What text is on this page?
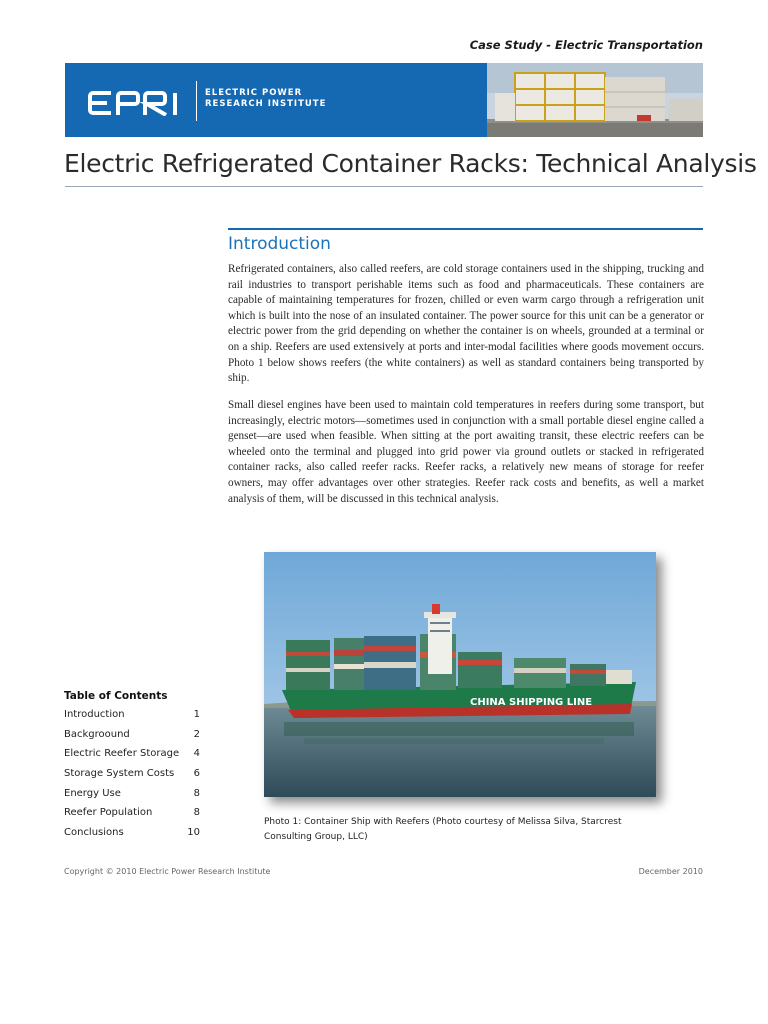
Case Study - Electric Transportation
ELECTRIC POWER
RESEARCH INSTITUTE
Electric Refrigerated Container Racks: Technical Analysis
Introduction
Refrigerated containers, also called reefers, are cold storage containers used in the shipping, trucking and rail industries to transport perishable items such as food and pharmaceuticals. These containers are capable of maintaining temperatures for frozen, chilled or even warm cargo through a refrigeration unit which is built into the nose of an insulated container. The power source for this unit can be a generator or electric power from the grid depending on whether the container is on wheels, grounded at a terminal or on a ship. Reefers are used extensively at ports and inter-modal facilities where goods movement occurs. Photo 1 below shows reefers (the white containers) as well as standard containers being transported by ship.
Small diesel engines have been used to maintain cold temperatures in reefers during some transport, but increasingly, electric motors—sometimes used in conjunction with a small portable diesel engine called a genset—are used when feasible. When sitting at the port awaiting transit, these electric reefers can be wheeled onto the terminal and plugged into grid power via ground outlets or stacked in refrigerated container racks, also called reefer racks. Reefer racks, a relatively new means of storage for reefer owners, may offer advantages over other strategies. Reefer rack costs and benefits, as well a market analysis of them, will be discussed in this technical analysis.
CHINA SHIPPING LINE
Photo 1: Container Ship with Reefers (Photo courtesy of Melissa Silva, Starcrest Consulting Group, LLC)
Table of Contents
Introduction	1
Backgroound	2
Electric Reefer Storage 4
Storage System Costs 6
Energy Use	8
Reefer Population	8
Conclusions	10
Copyright © 2010 Electric Power Research Institute	December 2010
